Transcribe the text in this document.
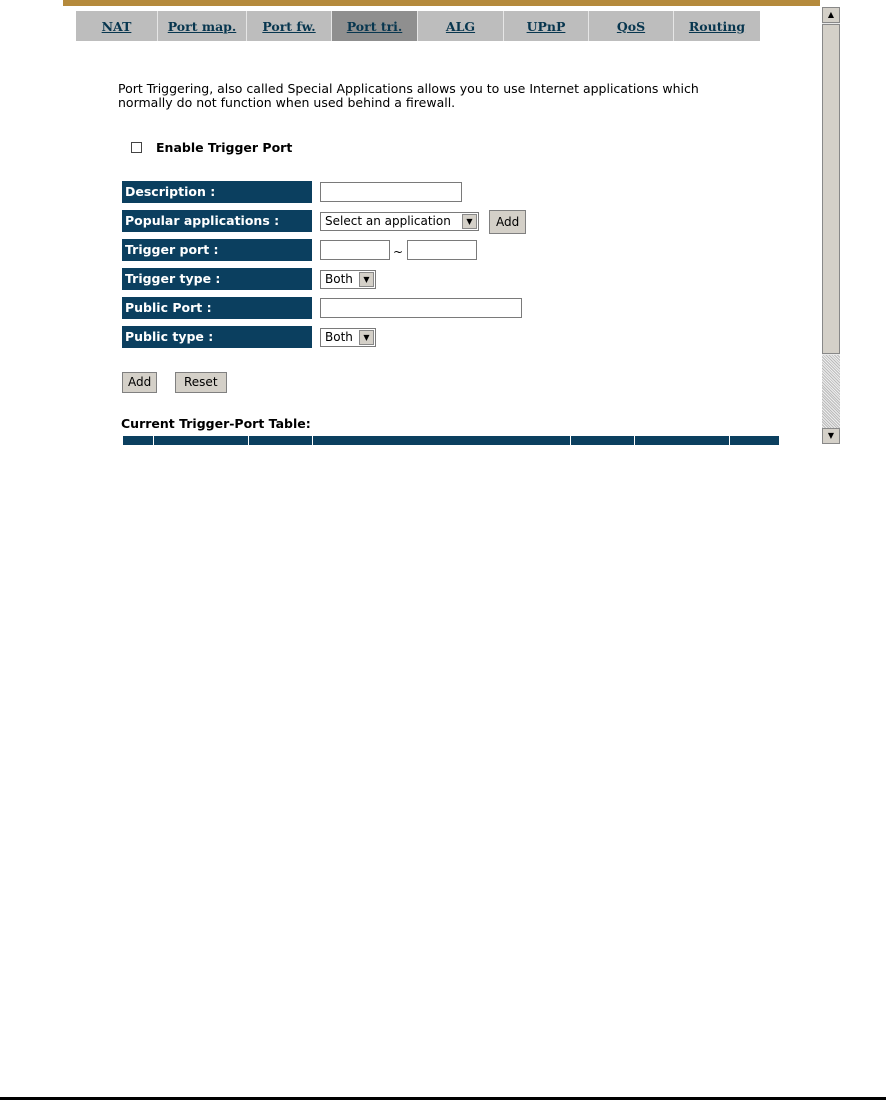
NAT	Port map.	Port fw.	Port tri.	ALG	UPnP	QoS	Routing
Port Triggering, also called Special Applications allows you to use Internet applications which
normally do not function when used behind a firewall.
Enable Trigger Port
Description :
Popular applications :	Select an application	▼	Add
Trigger port :	~
Trigger type :	Both	▼
Public Port :
Public type :	Both	▼
Add	Reset
Current Trigger-Port Table:
▲
▼
